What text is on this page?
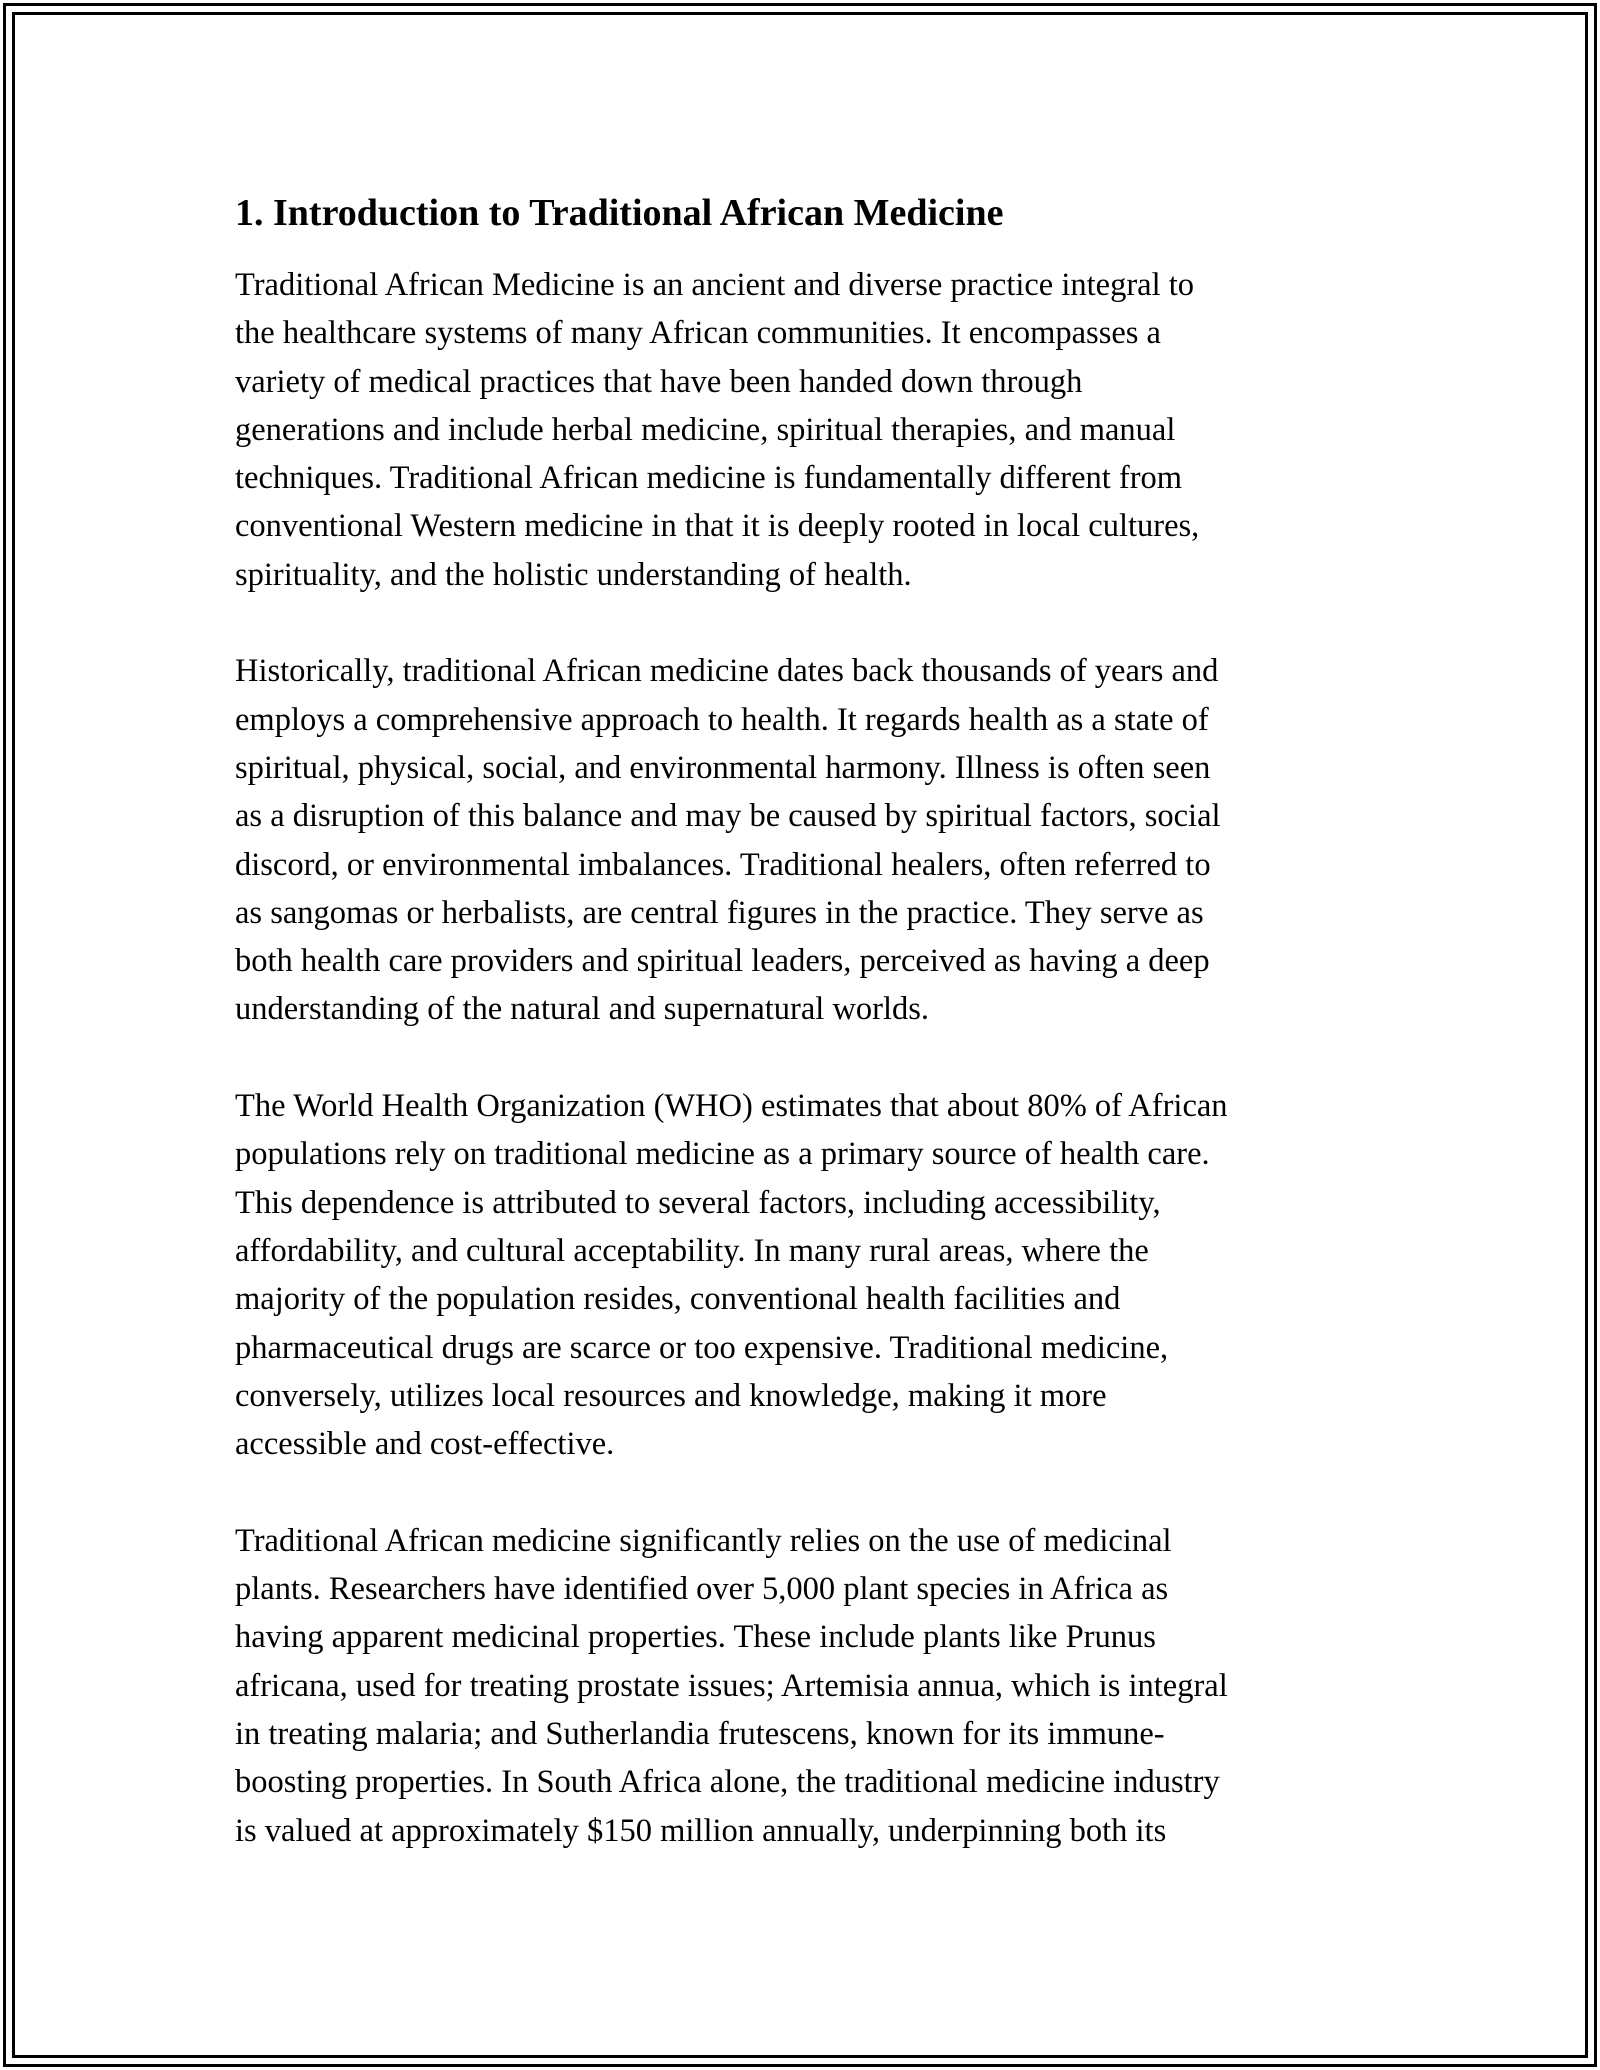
1. Introduction to Traditional African Medicine

Traditional African Medicine is an ancient and diverse practice integral to
the healthcare systems of many African communities. It encompasses a
variety of medical practices that have been handed down through
generations and include herbal medicine, spiritual therapies, and manual
techniques. Traditional African medicine is fundamentally different from
conventional Western medicine in that it is deeply rooted in local cultures,
spirituality, and the holistic understanding of health.

Historically, traditional African medicine dates back thousands of years and
employs a comprehensive approach to health. It regards health as a state of
spiritual, physical, social, and environmental harmony. Illness is often seen
as a disruption of this balance and may be caused by spiritual factors, social
discord, or environmental imbalances. Traditional healers, often referred to
as sangomas or herbalists, are central figures in the practice. They serve as
both health care providers and spiritual leaders, perceived as having a deep
understanding of the natural and supernatural worlds.

The World Health Organization (WHO) estimates that about 80% of African
populations rely on traditional medicine as a primary source of health care.
This dependence is attributed to several factors, including accessibility,
affordability, and cultural acceptability. In many rural areas, where the
majority of the population resides, conventional health facilities and
pharmaceutical drugs are scarce or too expensive. Traditional medicine,
conversely, utilizes local resources and knowledge, making it more
accessible and cost-effective.

Traditional African medicine significantly relies on the use of medicinal
plants. Researchers have identified over 5,000 plant species in Africa as
having apparent medicinal properties. These include plants like Prunus
africana, used for treating prostate issues; Artemisia annua, which is integral
in treating malaria; and Sutherlandia frutescens, known for its immune-
boosting properties. In South Africa alone, the traditional medicine industry
is valued at approximately $150 million annually, underpinning both its
